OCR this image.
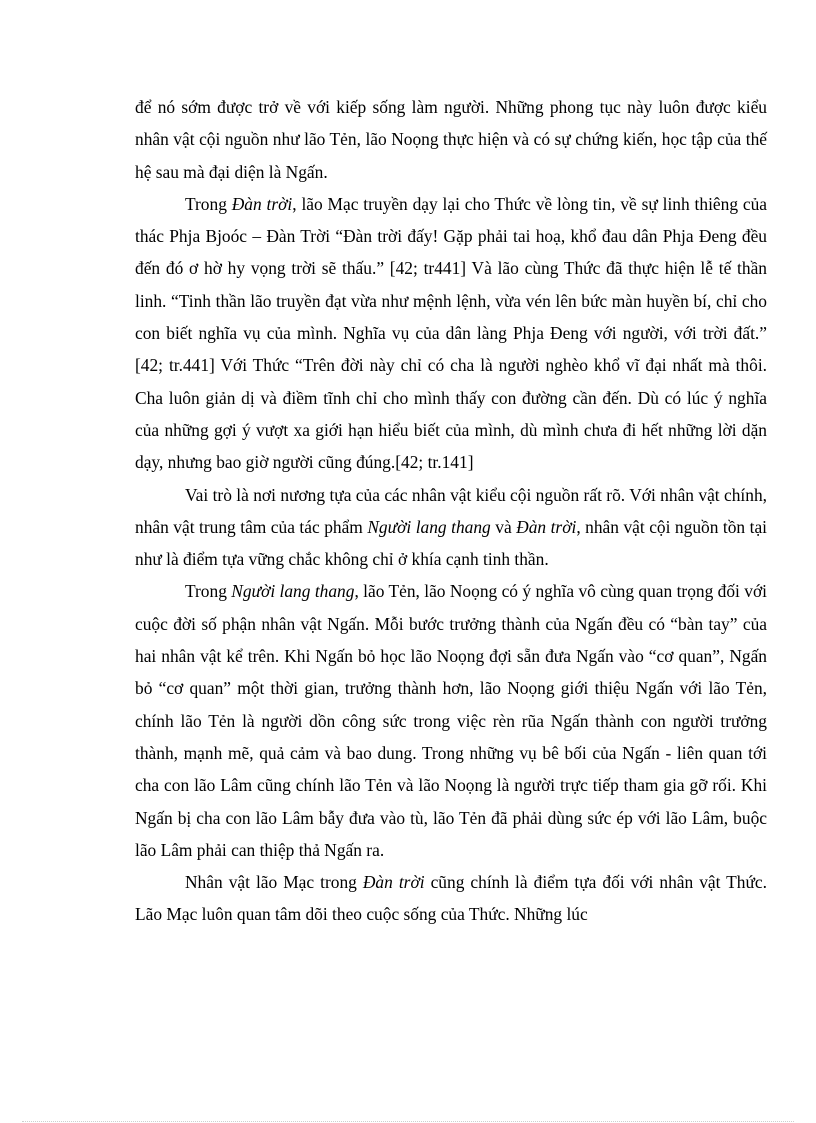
để nó sớm được trở về với kiếp sống làm người. Những phong tục này luôn được kiểu nhân vật cội nguồn như lão Tẻn, lão Noọng thực hiện và có sự chứng kiến, học tập của thế hệ sau mà đại diện là Ngấn.

Trong Đàn trời, lão Mạc truyền dạy lại cho Thức về lòng tin, về sự linh thiêng của thác Phja Bjoóc – Đàn Trời “Đàn trời đấy! Gặp phải tai hoạ, khổ đau dân Phja Đeng đều đến đó ơ hờ hy vọng trời sẽ thấu.” [42; tr441] Và lão cùng Thức đã thực hiện lễ tế thần linh. “Tinh thần lão truyền đạt vừa như mệnh lệnh, vừa vén lên bức màn huyền bí, chỉ cho con biết nghĩa vụ của mình. Nghĩa vụ của dân làng Phja Đeng với người, với trời đất.” [42; tr.441] Với Thức “Trên đời này chỉ có cha là người nghèo khổ vĩ đại nhất mà thôi. Cha luôn giản dị và điềm tĩnh chỉ cho mình thấy con đường cần đến. Dù có lúc ý nghĩa của những gợi ý vượt xa giới hạn hiểu biết của mình, dù mình chưa đi hết những lời dặn dạy, nhưng bao giờ người cũng đúng.[42; tr.141]

Vai trò là nơi nương tựa của các nhân vật kiểu cội nguồn rất rõ. Với nhân vật chính, nhân vật trung tâm của tác phẩm Người lang thang và Đàn trời, nhân vật cội nguồn tồn tại như là điểm tựa vững chắc không chỉ ở khía cạnh tinh thần.

Trong Người lang thang, lão Tẻn, lão Noọng có ý nghĩa vô cùng quan trọng đối với cuộc đời số phận nhân vật Ngấn. Mỗi bước trưởng thành của Ngấn đều có “bàn tay” của hai nhân vật kể trên. Khi Ngấn bỏ học lão Noọng đợi sẵn đưa Ngấn vào “cơ quan”, Ngấn bỏ “cơ quan” một thời gian, trưởng thành hơn, lão Noọng giới thiệu Ngấn với lão Tẻn, chính lão Tẻn là người dồn công sức trong việc rèn rũa Ngấn thành con người trưởng thành, mạnh mẽ, quả cảm và bao dung. Trong những vụ bê bối của Ngấn - liên quan tới cha con lão Lâm cũng chính lão Tẻn và lão Noọng là người trực tiếp tham gia gỡ rối. Khi Ngấn bị cha con lão Lâm bẫy đưa vào tù, lão Tẻn đã phải dùng sức ép với lão Lâm, buộc lão Lâm phải can thiệp thả Ngấn ra.

Nhân vật lão Mạc trong Đàn trời cũng chính là điểm tựa đối với nhân vật Thức. Lão Mạc luôn quan tâm dõi theo cuộc sống của Thức. Những lúc
